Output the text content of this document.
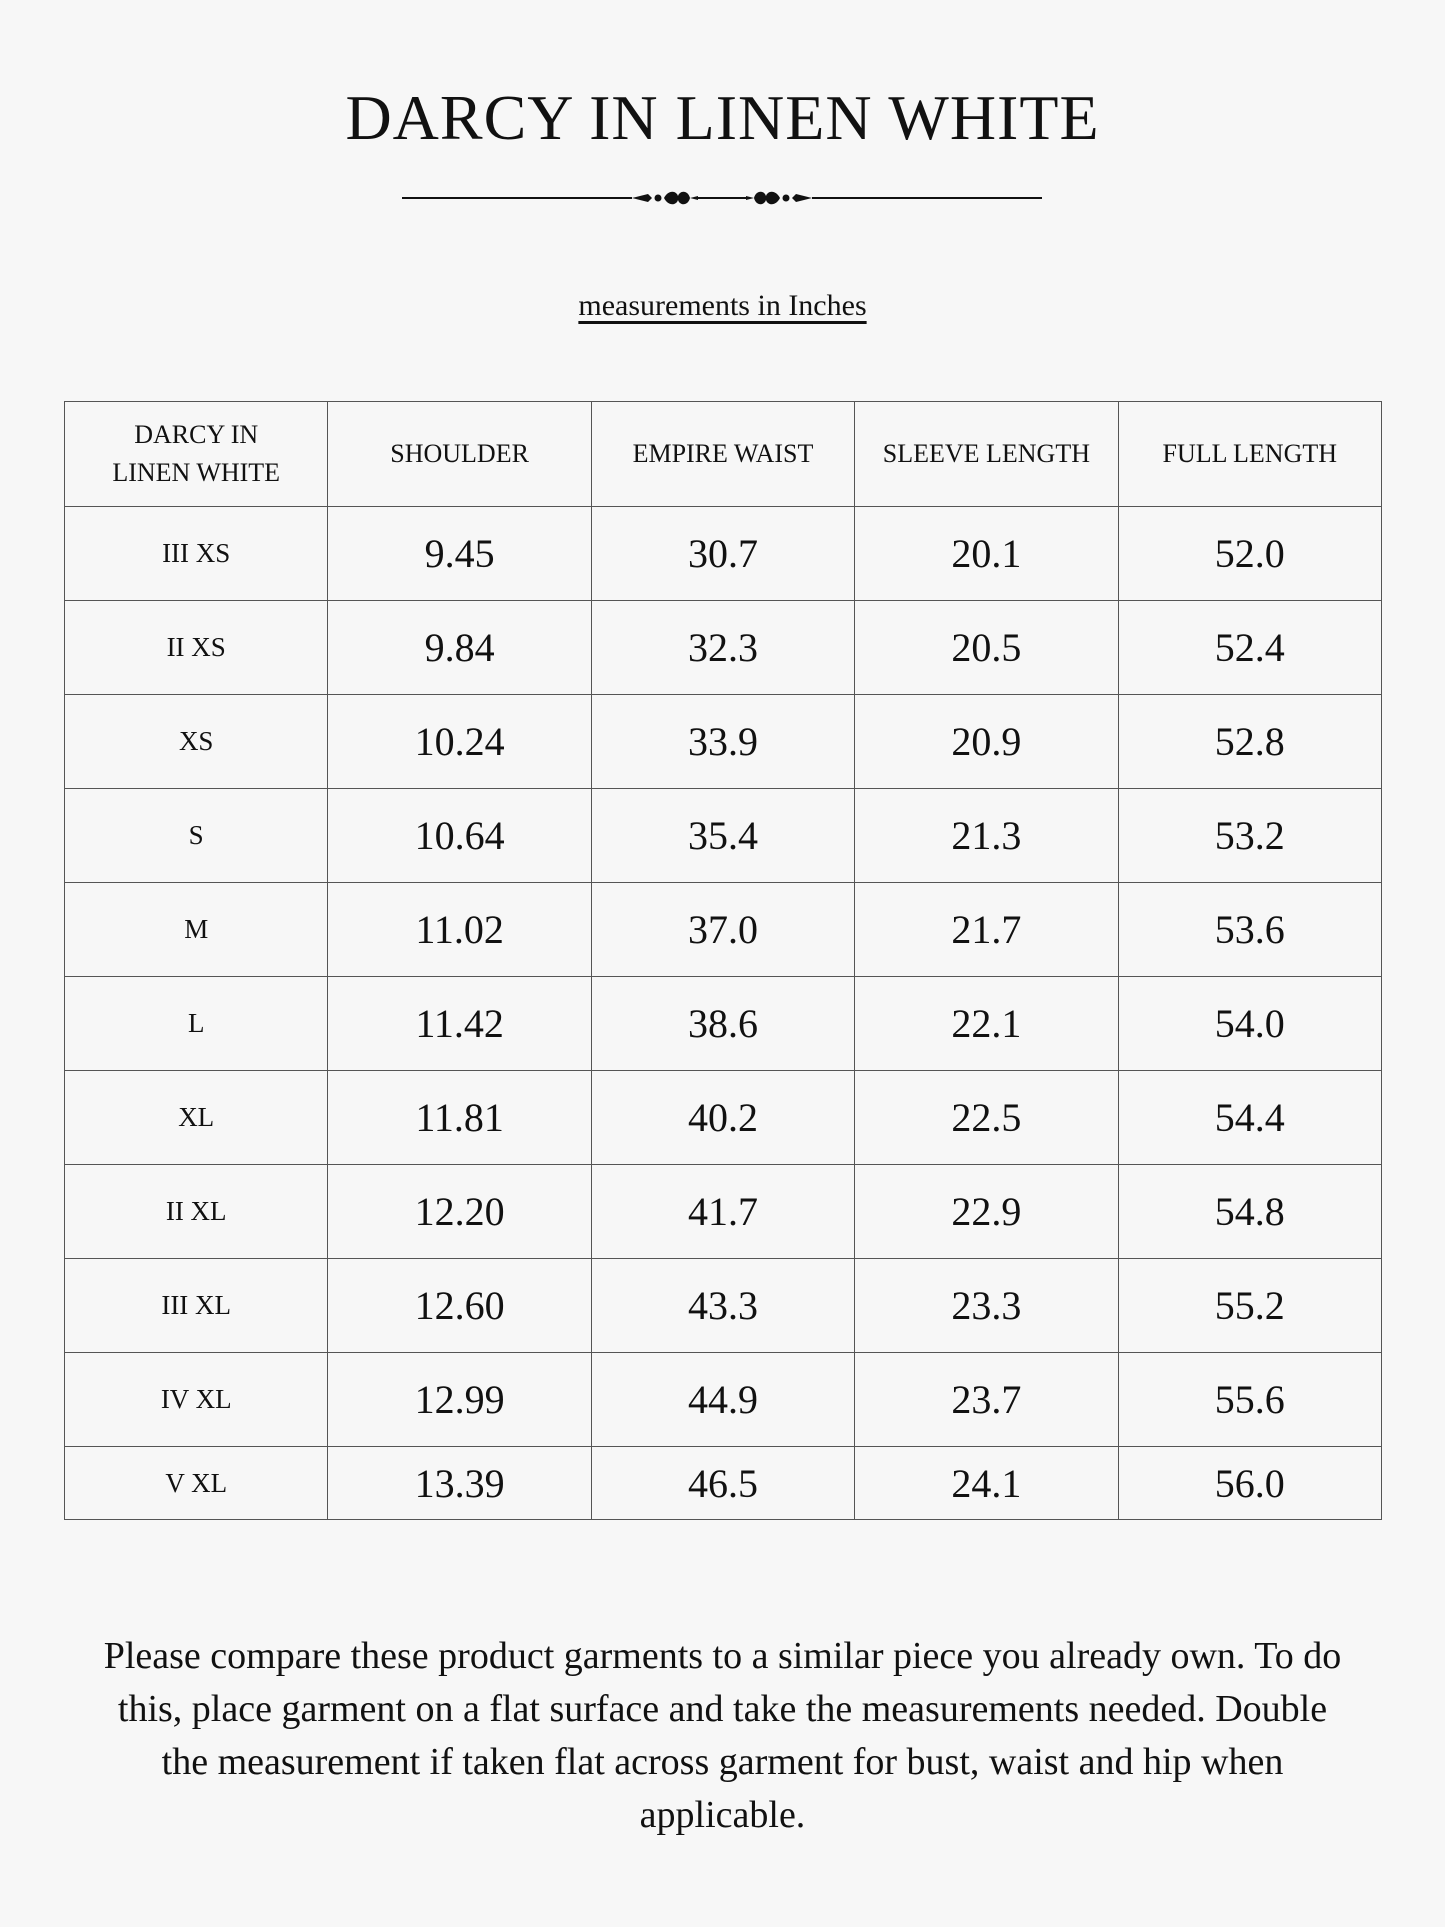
DARCY IN LINEN WHITE
measurements in Inches
DARCY IN LINEN WHITE	SHOULDER	EMPIRE WAIST	SLEEVE LENGTH	FULL LENGTH
III XS	9.45	30.7	20.1	52.0
II XS	9.84	32.3	20.5	52.4
XS	10.24	33.9	20.9	52.8
S	10.64	35.4	21.3	53.2
M	11.02	37.0	21.7	53.6
L	11.42	38.6	22.1	54.0
XL	11.81	40.2	22.5	54.4
II XL	12.20	41.7	22.9	54.8
III XL	12.60	43.3	23.3	55.2
IV XL	12.99	44.9	23.7	55.6
V XL	13.39	46.5	24.1	56.0

Please compare these product garments to a similar piece you already own. To do this, place garment on a flat surface and take the measurements needed. Double the measurement if taken flat across garment for bust, waist and hip when applicable.
